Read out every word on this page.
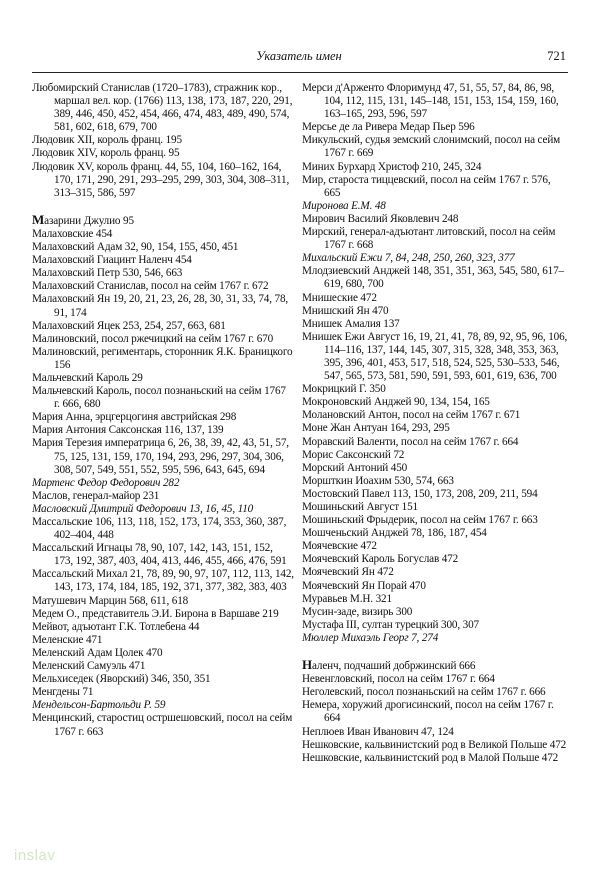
Указатель имен	721

Любомирский Станислав (1720–1783), стражник кор., маршал вел. кор. (1766) 113, 138, 173, 187, 220, 291, 389, 446, 450, 452, 454, 466, 474, 483, 489, 490, 574, 581, 602, 618, 679, 700

Людовик XII, король франц. 195

Людовик XIV, король франц. 95

Людовик XV, король франц. 44, 55, 104, 160–162, 164, 170, 171, 290, 291, 293–295, 299, 303, 304, 308–311, 313–315, 586, 597

Мазарини Джулио 95

Малаховские 454

Малаховский Адам 32, 90, 154, 155, 450, 451

Малаховский Гиацинт Наленч 454

Малаховский Петр 530, 546, 663

Малаховский Станислав, посол на сейм 1767 г. 672

Малаховский Ян 19, 20, 21, 23, 26, 28, 30, 31, 33, 74, 78, 91, 174

Малаховский Яцек 253, 254, 257, 663, 681

Малиновский, посол ржечицкий на сейм 1767 г. 670

Малиновский, региментарь, сторонник Я.К. Браницкого 156

Мальчевский Кароль 29

Мальчевский Кароль, посол познаньский на сейм 1767 г. 666, 680

Мария Анна, эрцгерцогиня австрийская 298

Мария Антония Саксонская 116, 137, 139

Мария Терезия императрица 6, 26, 38, 39, 42, 43, 51, 57, 75, 125, 131, 159, 170, 194, 293, 296, 297, 304, 306, 308, 507, 549, 551, 552, 595, 596, 643, 645, 694

Мартенс Федор Федорович 282

Маслов, генерал-майор 231

Масловский Дмитрий Федорович 13, 16, 45, 110

Массальские 106, 113, 118, 152, 173, 174, 353, 360, 387, 402–404, 448

Массальский Игнацы 78, 90, 107, 142, 143, 151, 152, 173, 192, 387, 403, 404, 413, 446, 455, 466, 476, 591

Массальский Михал 21, 78, 89, 90, 97, 107, 112, 113, 142, 143, 173, 174, 184, 185, 192, 371, 377, 382, 383, 403

Матушевич Марцин 568, 611, 618

Медем О., представитель Э.И. Бирона в Варшаве 219

Мейвот, адъютант Г.К. Тотлебена 44

Меленские 471

Меленский Адам Цолек 470

Меленский Самуэль 471

Мельхиседек (Яворский) 346, 350, 351

Менгдены 71

Мендельсон-Бартольди Р. 59

Менцинский, старостиц остршешовский, посол на сейм 1767 г. 663

Мерси д'Арженто Флоримунд 47, 51, 55, 57, 84, 86, 98, 104, 112, 115, 131, 145–148, 151, 153, 154, 159, 160, 163–165, 293, 596, 597

Мерсье де ла Ривера Медар Пьер 596

Микульский, судья земский слонимский, посол на сейм 1767 г. 669

Миних Бурхард Христоф 210, 245, 324

Мир, староста тиццевский, посол на сейм 1767 г. 576, 665

Миронова Е.М. 48

Мирович Василий Яковлевич 248

Мирский, генерал-адъютант литовский, посол на сейм 1767 г. 668

Михальский Ежи 7, 84, 248, 250, 260, 323, 377

Млодзиевский Анджей 148, 351, 351, 363, 545, 580, 617–619, 680, 700

Мнишеские 472

Мнишский Ян 470

Мнишек Амалия 137

Мнишек Ежи Август 16, 19, 21, 41, 78, 89, 92, 95, 96, 106, 114–116, 137, 144, 145, 307, 315, 328, 348, 353, 363, 395, 396, 401, 453, 517, 518, 524, 525, 530–533, 546, 547, 565, 573, 581, 590, 591, 593, 601, 619, 636, 700

Мокрицкий Г. 350

Мокроновский Анджей 90, 134, 154, 165

Молановский Антон, посол на сейм 1767 г. 671

Моне Жан Антуан 164, 293, 295

Моравский Валенти, посол на сейм 1767 г. 664

Морис Саксонский 72

Морский Антоний 450

Моршткин Иоахим 530, 574, 663

Мостовский Павел 113, 150, 173, 208, 209, 211, 594

Мошиньский Август 151

Мошиньский Фрыдерик, посол на сейм 1767 г. 663

Мошченьский Анджей 78, 186, 187, 454

Моячевские 472

Моячевский Кароль Богуслав 472

Моячевский Ян 472

Моячевский Ян Порай 470

Муравьев М.Н. 321

Мусин-заде, визирь 300

Мустафа III, султан турецкий 300, 307

Мюллер Михаэль Георг 7, 274

Наленч, подчаший добржинский 666

Невенгловский, посол на сейм 1767 г. 664

Неголевский, посол познаньский на сейм 1767 г. 666

Немера, хоружий дрогисинский, посол на сейм 1767 г. 664

Неплюев Иван Иванович 47, 124

Нешковские, кальвинистский род в Великой Польше 472

Нешковские, кальвинистский род в Малой Польше 472

inslav
